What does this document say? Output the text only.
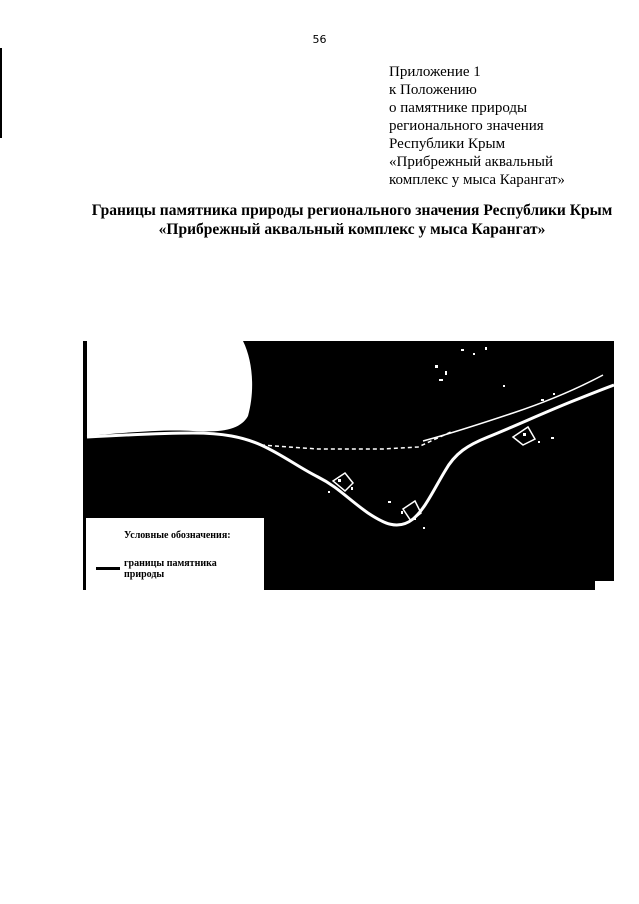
56
Приложение 1
к Положению
о памятнике природы
регионального значения
Республики Крым
«Прибрежный аквальный
комплекс у мыса Карангат»
Границы памятника природы регионального значения Республики Крым
«Прибрежный аквальный комплекс у мыса Карангат»
Условные обозначения:
границы памятника природы
